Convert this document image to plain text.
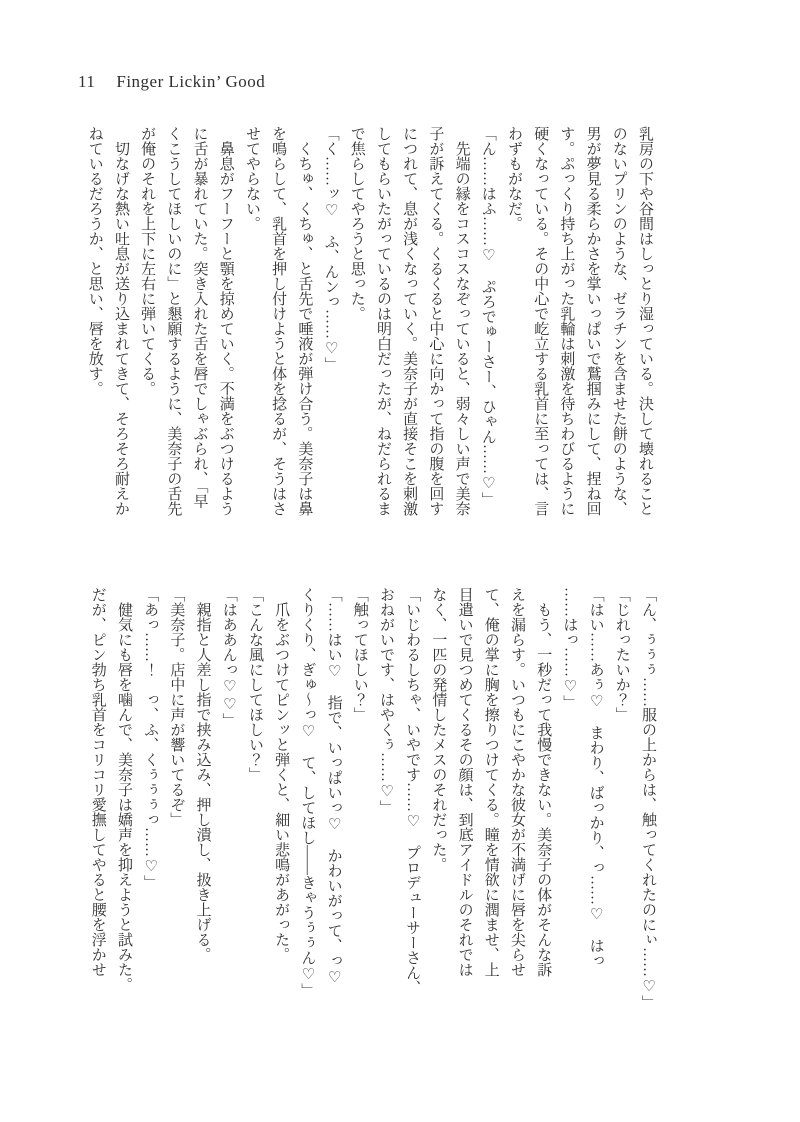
11 Finger Lickin’ Good
乳房の下や谷間はしっとり湿っている。決して壊れること
のないプリンのような、ゼラチンを含ませた餅のような、
男が夢見る柔らかさを掌いっぱいで鷲掴みにして、捏ね回
す。ぷっくり持ち上がった乳輪は刺激を待ちわびるように
硬くなっている。その中心で屹立する乳首に至っては、言
わずもがなだ。
「ん……はふ……♡　ぷろでゅーさー、ひゃん……♡」
　先端の縁をコスコスなぞっていると、弱々しい声で美奈
子が訴えてくる。くるくると中心に向かって指の腹を回す
につれて、息が浅くなっていく。美奈子が直接そこを刺激
してもらいたがっているのは明白だったが、ねだられるま
で焦らしてやろうと思った。
「く……ッ♡　ふ、んンっ……♡」
　くちゅ、くちゅ、と舌先で唾液が弾け合う。美奈子は鼻
を鳴らして、乳首を押し付けようと体を捻るが、そうはさ
せてやらない。
　鼻息がフーフーと顎を掠めていく。不満をぶつけるよう
に舌が暴れていた。突き入れた舌を唇でしゃぶられ、「早
くこうしてほしいのに」と懇願するように、美奈子の舌先
が俺のそれを上下に左右に弾いてくる。
　切なげな熱い吐息が送り込まれてきて、そろそろ耐えか
ねているだろうか、と思い、唇を放す。
「ん、ぅぅぅ……服の上からは、触ってくれたのにぃ……♡」
「じれったいか？」
「はい……あぅ♡　まわり、ばっかり、っ……♡　はっ
……はっ……♡」
　もう、一秒だって我慢できない。美奈子の体がそんな訴
えを漏らす。いつもにこやかな彼女が不満げに唇を尖らせ
て、俺の掌に胸を擦りつけてくる。瞳を情欲に潤ませ、上
目遣いで見つめてくるその顔は、到底アイドルのそれでは
なく、一匹の発情したメスのそれだった。
「いじわるしちゃ、いやです……♡　プロデューサーさん、
おねがいです、はやくぅ……♡」
「触ってほしい？」
「……はい♡　指で、いっぱいっ♡　かわいがって、っ♡
くりくり、ぎゅ〜っ♡　て、してほし——きゃうぅぅん♡」
　爪をぶつけてピンッと弾くと、細い悲鳴があがった。
「こんな風にしてほしい？」
「はああんっ♡♡」
　親指と人差し指で挟み込み、押し潰し、扱き上げる。
「美奈子。店中に声が響いてるぞ」
「あっ……！　っ、ふ、くぅぅぅっ……♡」
　健気にも唇を噛んで、美奈子は嬌声を抑えようと試みた。
だが、ピン勃ち乳首をコリコリ愛撫してやると腰を浮かせ
